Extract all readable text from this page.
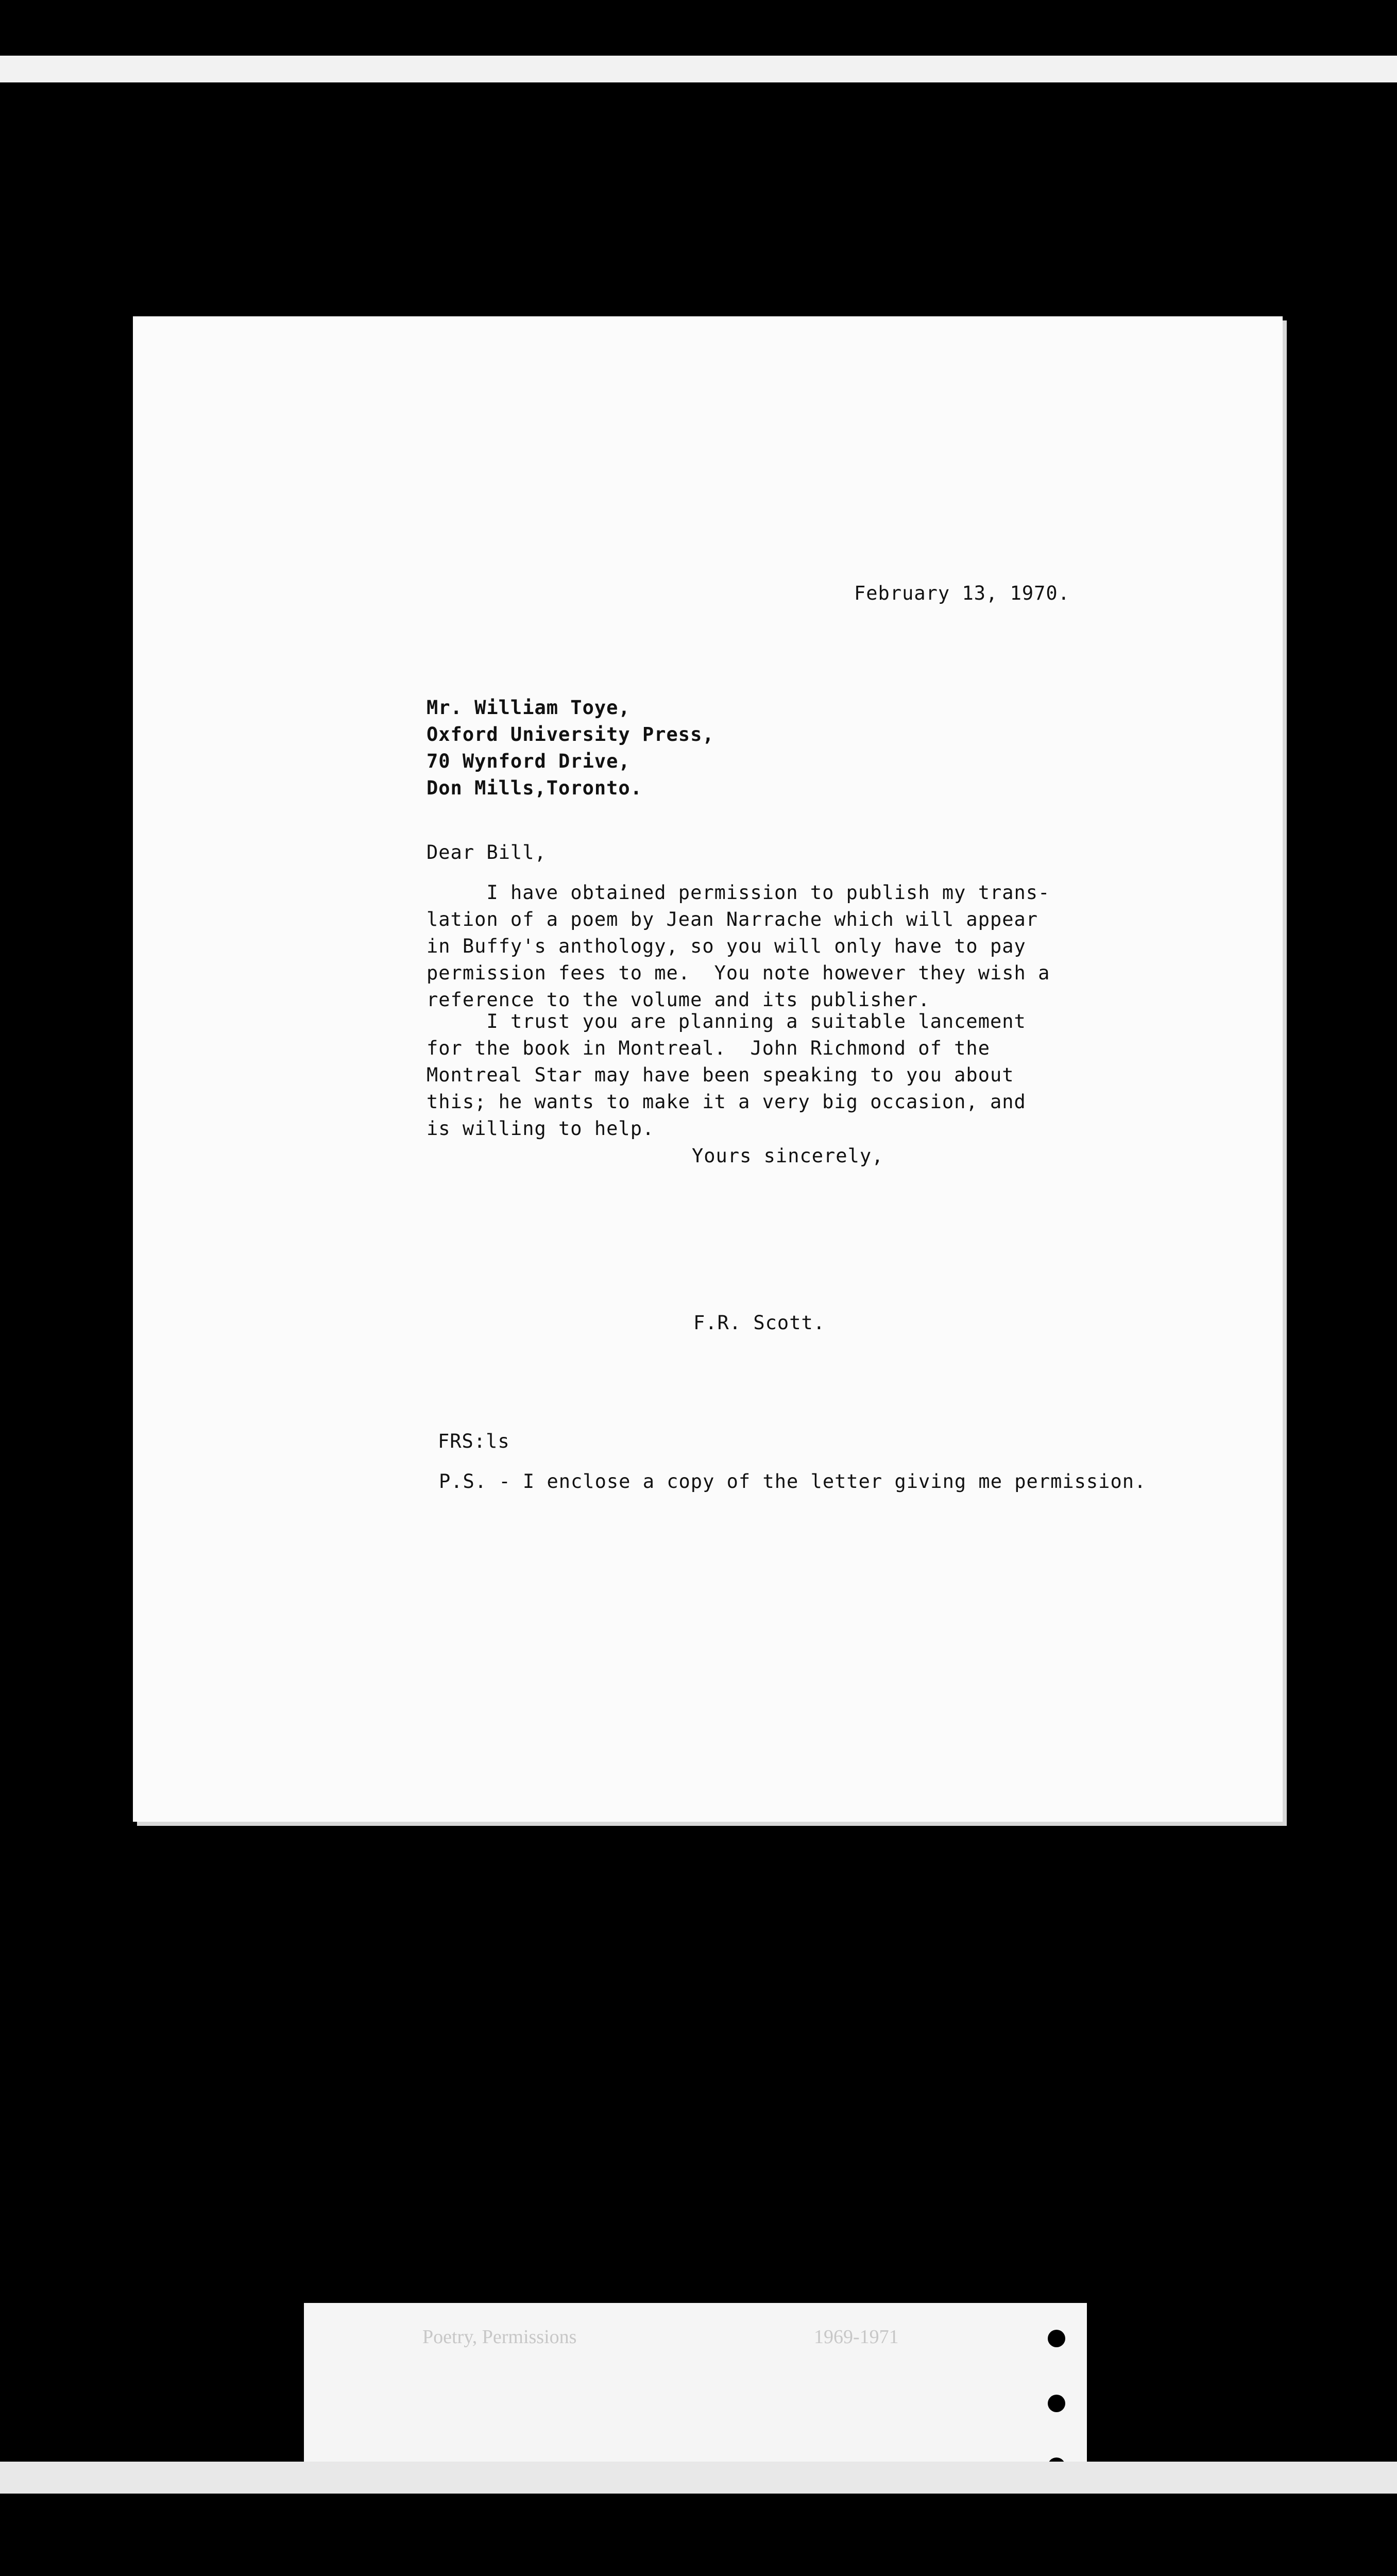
February 13, 1970.
Mr. William Toye,
Oxford University Press,
70 Wynford Drive,
Don Mills,Toronto.
Dear Bill,
I have obtained permission to publish my trans-
lation of a poem by Jean Narrache which will appear
in Buffy's anthology, so you will only have to pay
permission fees to me.  You note however they wish a
reference to the volume and its publisher.
I trust you are planning a suitable lancement
for the book in Montreal.  John Richmond of the
Montreal Star may have been speaking to you about
this; he wants to make it a very big occasion, and
is willing to help.
Yours sincerely,
F.R. Scott.
FRS:ls
P.S. - I enclose a copy of the letter giving me permission.
Poetry, Permissions	1969-1971
